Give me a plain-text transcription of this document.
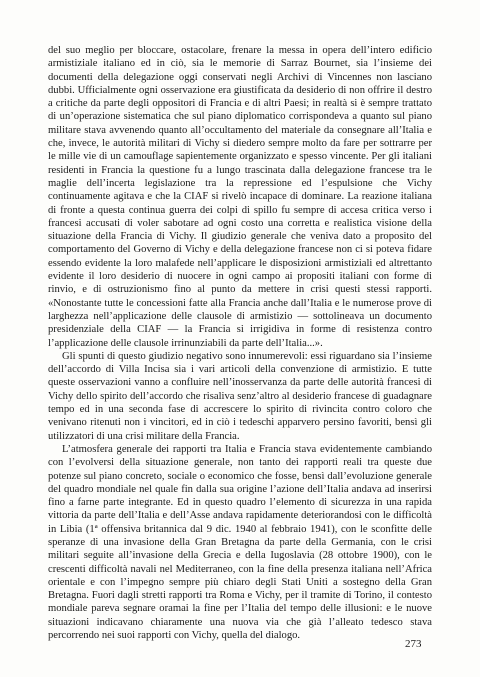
del suo meglio per bloccare, ostacolare, frenare la messa in opera dell’intero edificio armistiziale italiano ed in ciò, sia le memorie di Sarraz Bournet, sia l’insieme dei documenti della delegazione oggi conservati negli Archivi di Vincennes non lasciano dubbi. Ufficialmente ogni osservazione era giustificata da desiderio di non offrire il destro a critiche da parte degli oppositori di Francia e di altri Paesi; in realtà si è sempre trattato di un’operazione sistematica che sul piano diplomatico corrispondeva a quanto sul piano militare stava avvenendo quanto all’occultamento del materiale da consegnare all’Italia e che, invece, le autorità militari di Vichy si diedero sempre molto da fare per sottrarre per le mille vie di un camouflage sapientemente organizzato e spesso vincente. Per gli italiani residenti in Francia la questione fu a lungo trascinata dalla delegazione francese tra le maglie dell’incerta legislazione tra la repressione ed l’espulsione che Vichy continuamente agitava e che la CIAF si rivelò incapace di dominare. La reazione italiana di fronte a questa continua guerra dei colpi di spillo fu sempre di accesa critica verso i francesi accusati di voler sabotare ad ogni costo una corretta e realistica visione della situazione della Francia di Vichy. Il giudizio generale che veniva dato a proposito del comportamento del Governo di Vichy e della delegazione francese non ci si poteva fidare essendo evidente la loro malafede nell’applicare le disposizioni armistiziali ed altrettanto evidente il loro desiderio di nuocere in ogni campo ai propositi italiani con forme di rinvio, e di ostruzionismo fino al punto da mettere in crisi questi stessi rapporti. «Nonostante tutte le concessioni fatte alla Francia anche dall’Italia e le numerose prove di larghezza nell’applicazione delle clausole di armistizio — sottolineava un documento presidenziale della CIAF — la Francia si irrigidiva in forme di resistenza contro l’applicazione delle clausole irrinunziabili da parte dell’Italia...».

Gli spunti di questo giudizio negativo sono innumerevoli: essi riguardano sia l’insieme dell’accordo di Villa Incisa sia i vari articoli della convenzione di armistizio. E tutte queste osservazioni vanno a confluire nell’inosservanza da parte delle autorità francesi di Vichy dello spirito dell’accordo che risaliva senz’altro al desiderio francese di guadagnare tempo ed in una seconda fase di accrescere lo spirito di rivincita contro coloro che venivano ritenuti non i vincitori, ed in ciò i tedeschi apparvero persino favoriti, bensì gli utilizzatori di una crisi militare della Francia.

L’atmosfera generale dei rapporti tra Italia e Francia stava evidentemente cambiando con l’evolversi della situazione generale, non tanto dei rapporti reali tra queste due potenze sul piano concreto, sociale o economico che fosse, bensì dall’evoluzione generale del quadro mondiale nel quale fin dalla sua origine l’azione dell’Italia andava ad inserirsi fino a farne parte integrante. Ed in questo quadro l’elemento di sicurezza in una rapida vittoria da parte dell’Italia e dell’Asse andava rapidamente deteriorandosi con le difficoltà in Libia (1ª offensiva britannica dal 9 dic. 1940 al febbraio 1941), con le sconfitte delle speranze di una invasione della Gran Bretagna da parte della Germania, con le crisi militari seguite all’invasione della Grecia e della Iugoslavia (28 ottobre 1900), con le crescenti difficoltà navali nel Mediterraneo, con la fine della presenza italiana nell’Africa orientale e con l’impegno sempre più chiaro degli Stati Uniti a sostegno della Gran Bretagna. Fuori dagli stretti rapporti tra Roma e Vichy, per il tramite di Torino, il contesto mondiale pareva segnare oramai la fine per l’Italia del tempo delle illusioni: e le nuove situazioni indicavano chiaramente una nuova via che già l’alleato tedesco stava percorrendo nei suoi rapporti con Vichy, quella del dialogo.

273
